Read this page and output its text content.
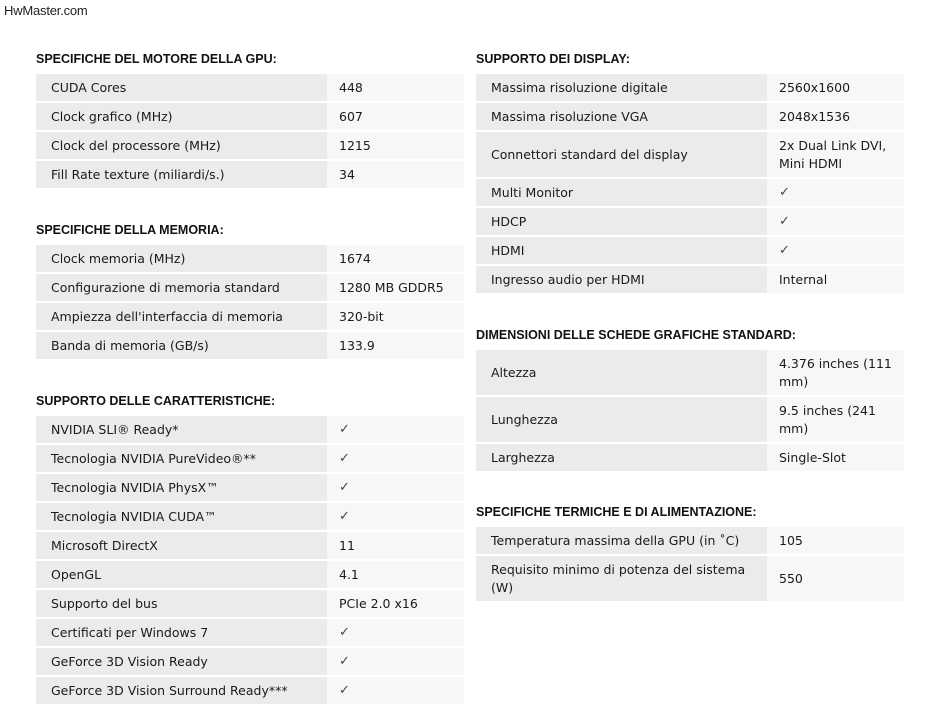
HwMaster.com
SPECIFICHE DEL MOTORE DELLA GPU:
CUDA Cores	448
Clock grafico (MHz)	607
Clock del processore (MHz)	1215
Fill Rate texture (miliardi/s.)	34
SPECIFICHE DELLA MEMORIA:
Clock memoria (MHz)	1674
Configurazione di memoria standard	1280 MB GDDR5
Ampiezza dell'interfaccia di memoria	320-bit
Banda di memoria (GB/s)	133.9
SUPPORTO DELLE CARATTERISTICHE:
NVIDIA SLI® Ready*	✓
Tecnologia NVIDIA PureVideo®**	✓
Tecnologia NVIDIA PhysX™	✓
Tecnologia NVIDIA CUDA™	✓
Microsoft DirectX	11
OpenGL	4.1
Supporto del bus	PCIe 2.0 x16
Certificati per Windows 7	✓
GeForce 3D Vision Ready	✓
GeForce 3D Vision Surround Ready***	✓
SUPPORTO DEI DISPLAY:
Massima risoluzione digitale	2560x1600
Massima risoluzione VGA	2048x1536
Connettori standard del display	2x Dual Link DVI, Mini HDMI
Multi Monitor	✓
HDCP	✓
HDMI	✓
Ingresso audio per HDMI	Internal
DIMENSIONI DELLE SCHEDE GRAFICHE STANDARD:
Altezza	4.376 inches (111 mm)
Lunghezza	9.5 inches (241 mm)
Larghezza	Single-Slot
SPECIFICHE TERMICHE E DI ALIMENTAZIONE:
Temperatura massima della GPU (in ˚C)	105
Requisito minimo di potenza del sistema (W)	550
